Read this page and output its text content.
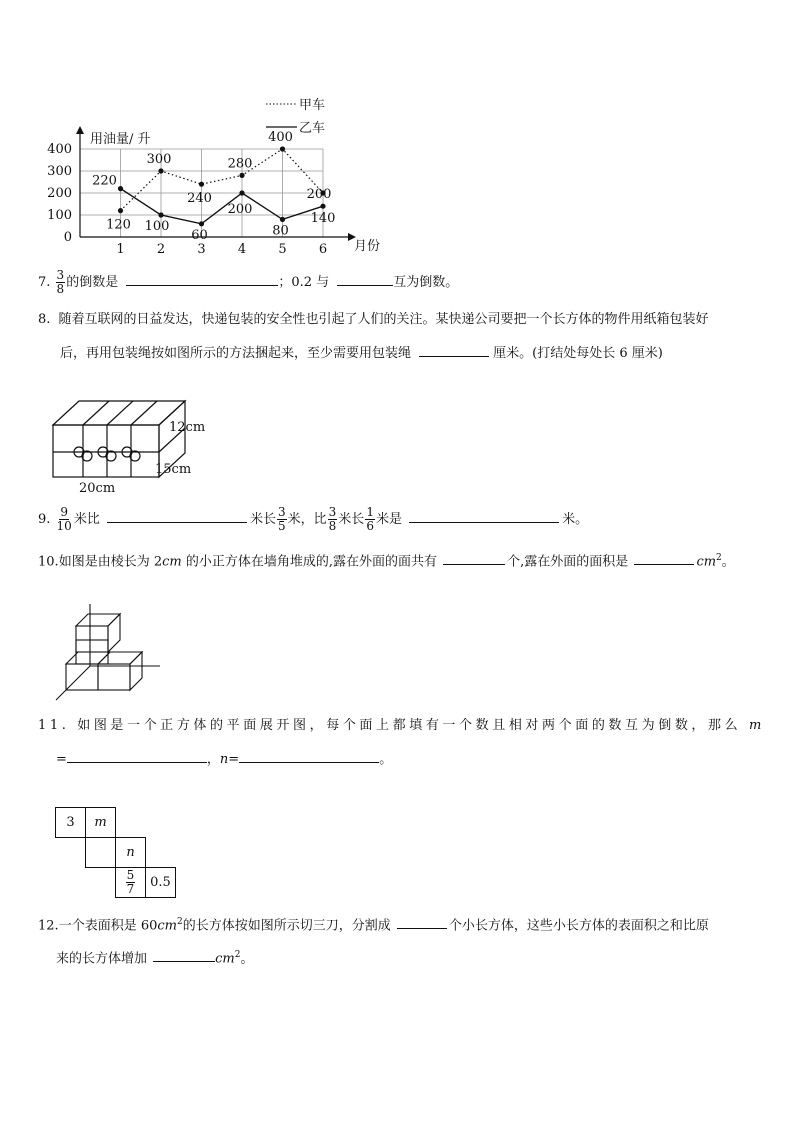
0
100
200
300
400
1 2 3 4 5 6
120
300
240
280
400
200
220
100
60
200
80
140
用油量/ 升
月份
甲车
乙车
7. $\frac{3}{8}$ 的倒数是	；0.2 与	互为倒数。
8. 随着互联网的日益发达，快递包装的安全性也引起了人们的关注。某快递公司要把一个长方体的物件用纸箱包装好
后，再用包装绳按如图所示的方法捆起来，至少需要用包装绳	厘米。(打结处每处长 6 厘米)
12cm
15cm
20cm
9. $\frac{9}{10}$ 米比	米长 $\frac{3}{5}$ 米，比 $\frac{3}{8}$ 米长 $\frac{1}{6}$ 米是	米。
10.如图是由棱长为 2cm 的小正方体在墙角堆成的,露在外面的面共有	个,露在外面的面积是	$cm^2$。
11. 如图是一个正方体的平面展开图，每个面上都填有一个数且相对两个面的数互为倒数，那么 m
=	，n=	。
3 m
n
$\frac{5}{7} 0.5$
12.一个表面积是 $60cm^2$的长方体按如图所示切三刀，分割成	个小长方体，这些小长方体的表面积之和比原
来的长方体增加	$cm^2$。
